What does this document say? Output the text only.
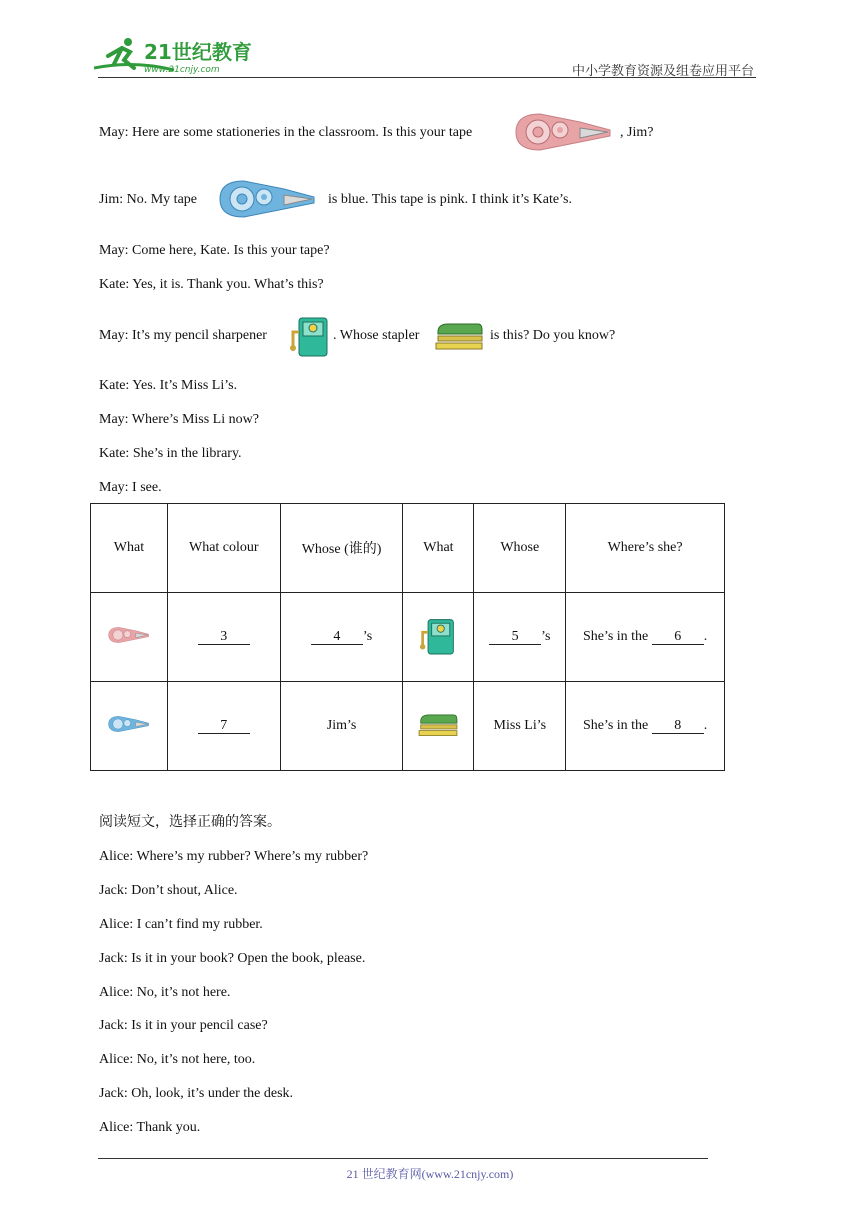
21世纪教育
www.21cnjy.com	中小学教育资源及组卷应用平台
May: Here are some stationeries in the classroom. Is this your tape	, Jim?
Jim: No. My tape	is blue. This tape is pink. I think it’s Kate’s.
May: Come here, Kate. Is this your tape?
Kate: Yes, it is. Thank you. What’s this?
May: It’s my pencil sharpener	. Whose stapler	is this? Do you know?
Kate: Yes. It’s Miss Li’s.
May: Where’s Miss Li now?
Kate: She’s in the library.
May: I see.
What	What colour	Whose (谁的)	What	Whose	Where’s she?
	3	4 ’s		5 ’s	She’s in the 6 .
	7	Jim’s		Miss Li’s	She’s in the 8 .
阅读短文，选择正确的答案。
Alice: Where’s my rubber? Where’s my rubber?
Jack: Don’t shout, Alice.
Alice: I can’t find my rubber.
Jack: Is it in your book? Open the book, please.
Alice: No, it’s not here.
Jack: Is it in your pencil case?
Alice: No, it’s not here, too.
Jack: Oh, look, it’s under the desk.
Alice: Thank you.
21 世纪教育网(www.21cnjy.com)
